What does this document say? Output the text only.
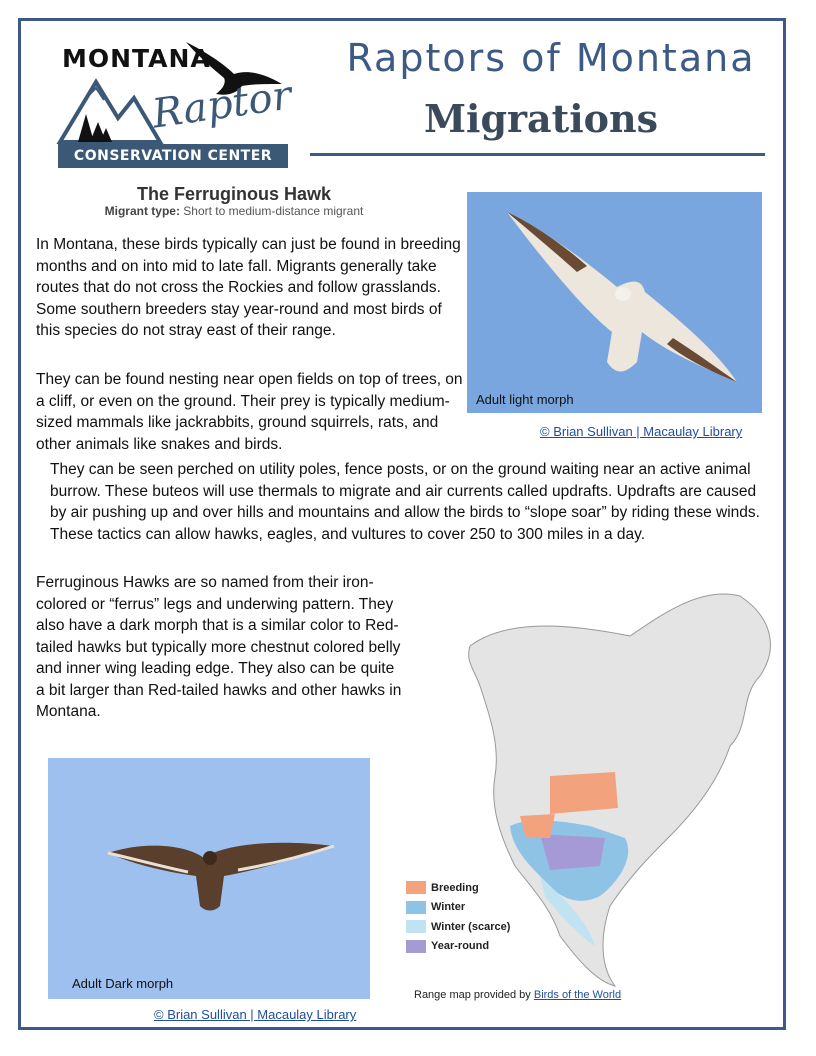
MONTANA
Raptor
CONSERVATION CENTER
Raptors of Montana
Migrations
The Ferruginous Hawk
Migrant type: Short to medium-distance migrant
In Montana, these birds typically can just be found in breeding months and on into mid to late fall. Migrants generally take routes that do not cross the Rockies and follow grasslands. Some southern breeders stay year-round and most birds of this species do not stray east of their range.
They can be found nesting near open fields on top of trees, on a cliff, or even on the ground. Their prey is typically medium-sized mammals like jackrabbits, ground squirrels, rats, and other animals like snakes and birds.
They can be seen perched on utility poles, fence posts, or on the ground waiting near an active animal burrow. These buteos will use thermals to migrate and air currents called updrafts. Updrafts are caused by air pushing up and over hills and mountains and allow the birds to “slope soar” by riding these winds. These tactics can allow hawks, eagles, and vultures to cover 250 to 300 miles in a day.
Ferruginous Hawks are so named from their iron-colored or “ferrus” legs and underwing pattern. They also have a dark morph that is a similar color to Red-tailed hawks but typically more chestnut colored belly and inner wing leading edge. They also can be quite a bit larger than Red-tailed hawks and other hawks in Montana.
Adult light morph
© Brian Sullivan | Macaulay Library
Adult Dark morph
© Brian Sullivan | Macaulay Library
Breeding
Winter
Winter (scarce)
Year-round
Range map provided by Birds of the World
